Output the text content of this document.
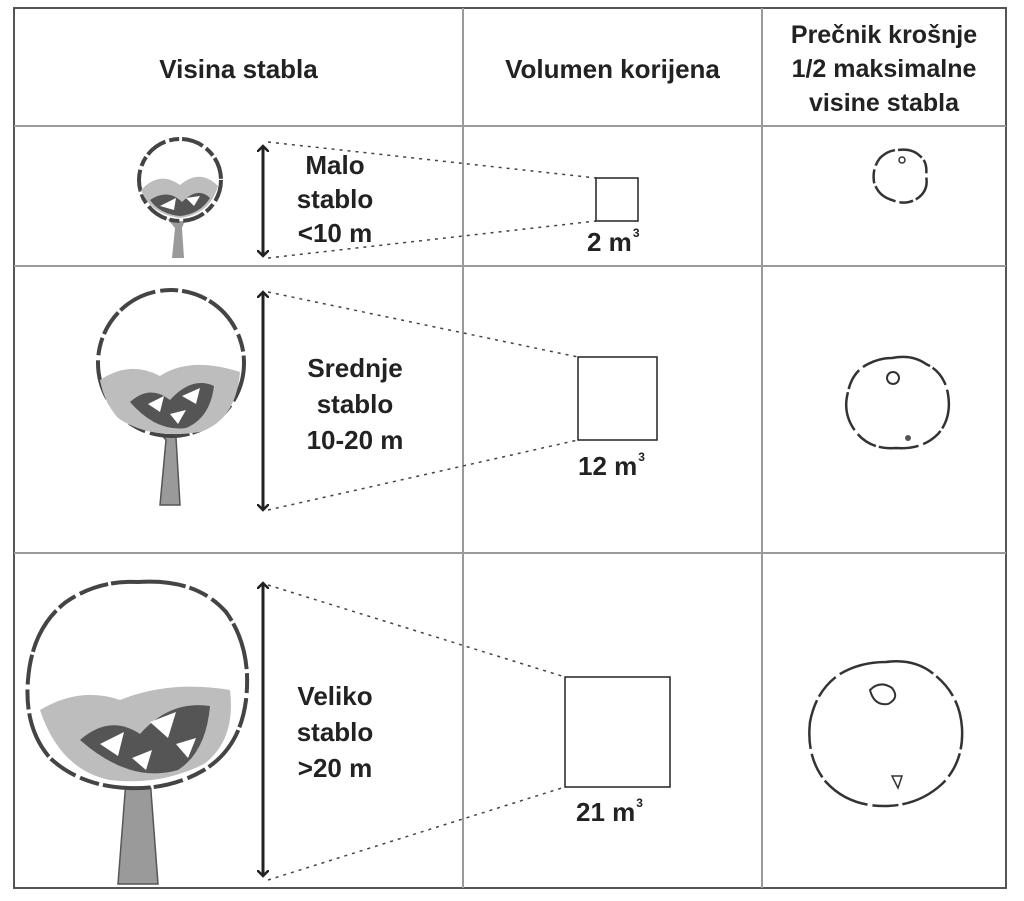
Visina stabla	Volumen korijena
Prečnik krošnje
1/2 maksimalne
visine stabla
Malo
stablo
<10 m	2 $m^3$
Srednje
stablo
10-20 m
12 $m^3$
Veliko
stablo
>20 m
21 $m^3$
